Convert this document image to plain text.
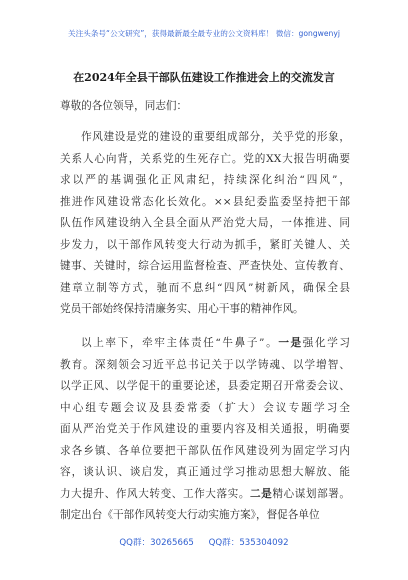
关注头条号“公文研究”，获得最新最全最专业的公文资料库！ 微信：gongwenyj
在2024年全县干部队伍建设工作推进会上的交流发言
尊敬的各位领导，同志们：
作风建设是党的建设的重要组成部分，关乎党的形象，
关系人心向背，关系党的生死存亡。党的XX大报告明确要
求以严的基调强化正风肃纪，持续深化纠治“四风”，
推进作风建设常态化长效化。××县纪委监委坚持把干部
队伍作风建设纳入全县全面从严治党大局，一体推进、同
步发力，以干部作风转变大行动为抓手，紧盯关键人、关
键事、关键时，综合运用监督检查、严查快处、宣传教育、
建章立制等方式，驰而不息纠“四风”树新风，确保全县
党员干部始终保持清廉务实、用心干事的精神作风。
以上率下，牵牢主体责任“牛鼻子”。一是强化学习
教育。深刻领会习近平总书记关于以学铸魂、以学增智、
以学正风、以学促干的重要论述，县委定期召开常委会议、
中心组专题会议及县委常委（扩大）会议专题学习全
面从严治党关于作风建设的重要内容及相关通报，明确要
求各乡镇、各单位要把干部队伍作风建设列为固定学习内
容，谈认识、谈启发，真正通过学习推动思想大解放、能
力大提升、作风大转变、工作大落实。二是精心谋划部署。
制定出台《干部作风转变大行动实施方案》，督促各单位
QQ群：30265665 QQ群：535304092
